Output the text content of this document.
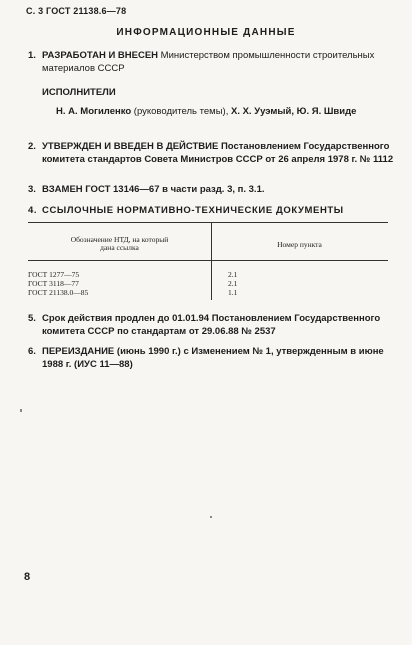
С. 3 ГОСТ 21138.6—78
ИНФОРМАЦИОННЫЕ ДАННЫЕ
1. РАЗРАБОТАН И ВНЕСЕН Министерством промышленности строительных материалов СССР
ИСПОЛНИТЕЛИ
Н. А. Могиленко (руководитель темы), Х. Х. Ууэмый, Ю. Я. Швиде
2. УТВЕРЖДЕН И ВВЕДЕН В ДЕЙСТВИЕ Постановлением Государственного комитета стандартов Совета Министров СССР от 26 апреля 1978 г. № 1112
3. ВЗАМЕН ГОСТ 13146—67 в части разд. 3, п. 3.1.
4. ССЫЛОЧНЫЕ НОРМАТИВНО-ТЕХНИЧЕСКИЕ ДОКУМЕНТЫ
Обозначение НТД, на который
дана ссылка	Номер пункта
ГОСТ 1277—75	2.1
ГОСТ 3118—77	2.1
ГОСТ 21138.0—85	1.1
5. Срок действия продлен до 01.01.94 Постановлением Государственного комитета СССР по стандартам от 29.06.88 № 2537
6. ПЕРЕИЗДАНИЕ (июнь 1990 г.) с Изменением № 1, утвержденным в июне 1988 г. (ИУС 11—88)
8
